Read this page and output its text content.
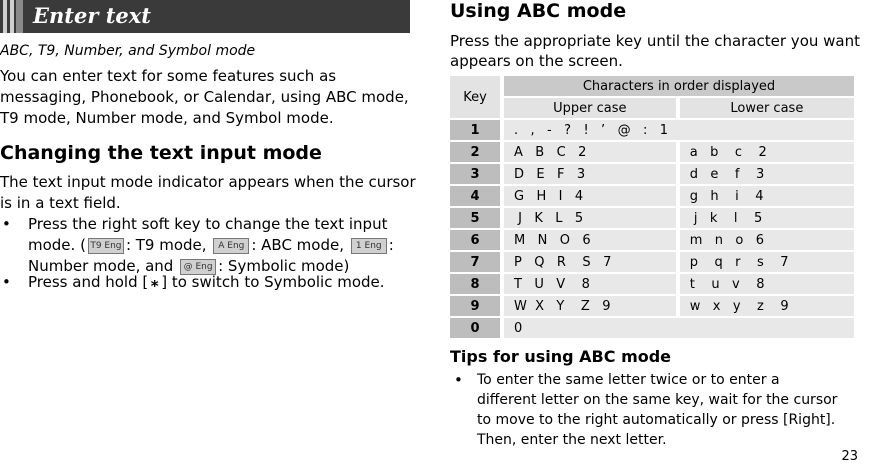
Enter text
ABC, T9, Number, and Symbol mode
You can enter text for some features such as
messaging, Phonebook, or Calendar, using ABC mode,
T9 mode, Number mode, and Symbol mode.
Changing the text input mode
The text input mode indicator appears when the cursor
is in a text field.
• Press the right soft key to change the text input
mode. ( T9 Eng : T9 mode, A Eng : ABC mode, 1 Eng :
Number mode, and @ Eng : Symbolic mode)
• Press and hold [ ⁎ ] to switch to Symbolic mode.
Using ABC mode
Press the appropriate key until the character you want
appears on the screen.
Key		Characters in order displayed		
		Upper case		Lower case
1		.   ,   -   ?   !   ’   @   :   1		
2		A   B   C   2		a   b    c    2
3		D   E   F   3		d   e    f    3
4		G   H   I   4		g   h    i    4
5		J   K   L   5		j   k    l    5
6		M   N   O   6		m   n   o   6
7		P   Q   R    S   7		p    q   r    s    7
8		T   U   V    8		t    u   v    8
9		W  X   Y    Z   9		w   x   y    z    9
0		0		
Tips for using ABC mode
• To enter the same letter twice or to enter a
different letter on the same key, wait for the cursor
to move to the right automatically or press [Right].
Then, enter the next letter.
23
